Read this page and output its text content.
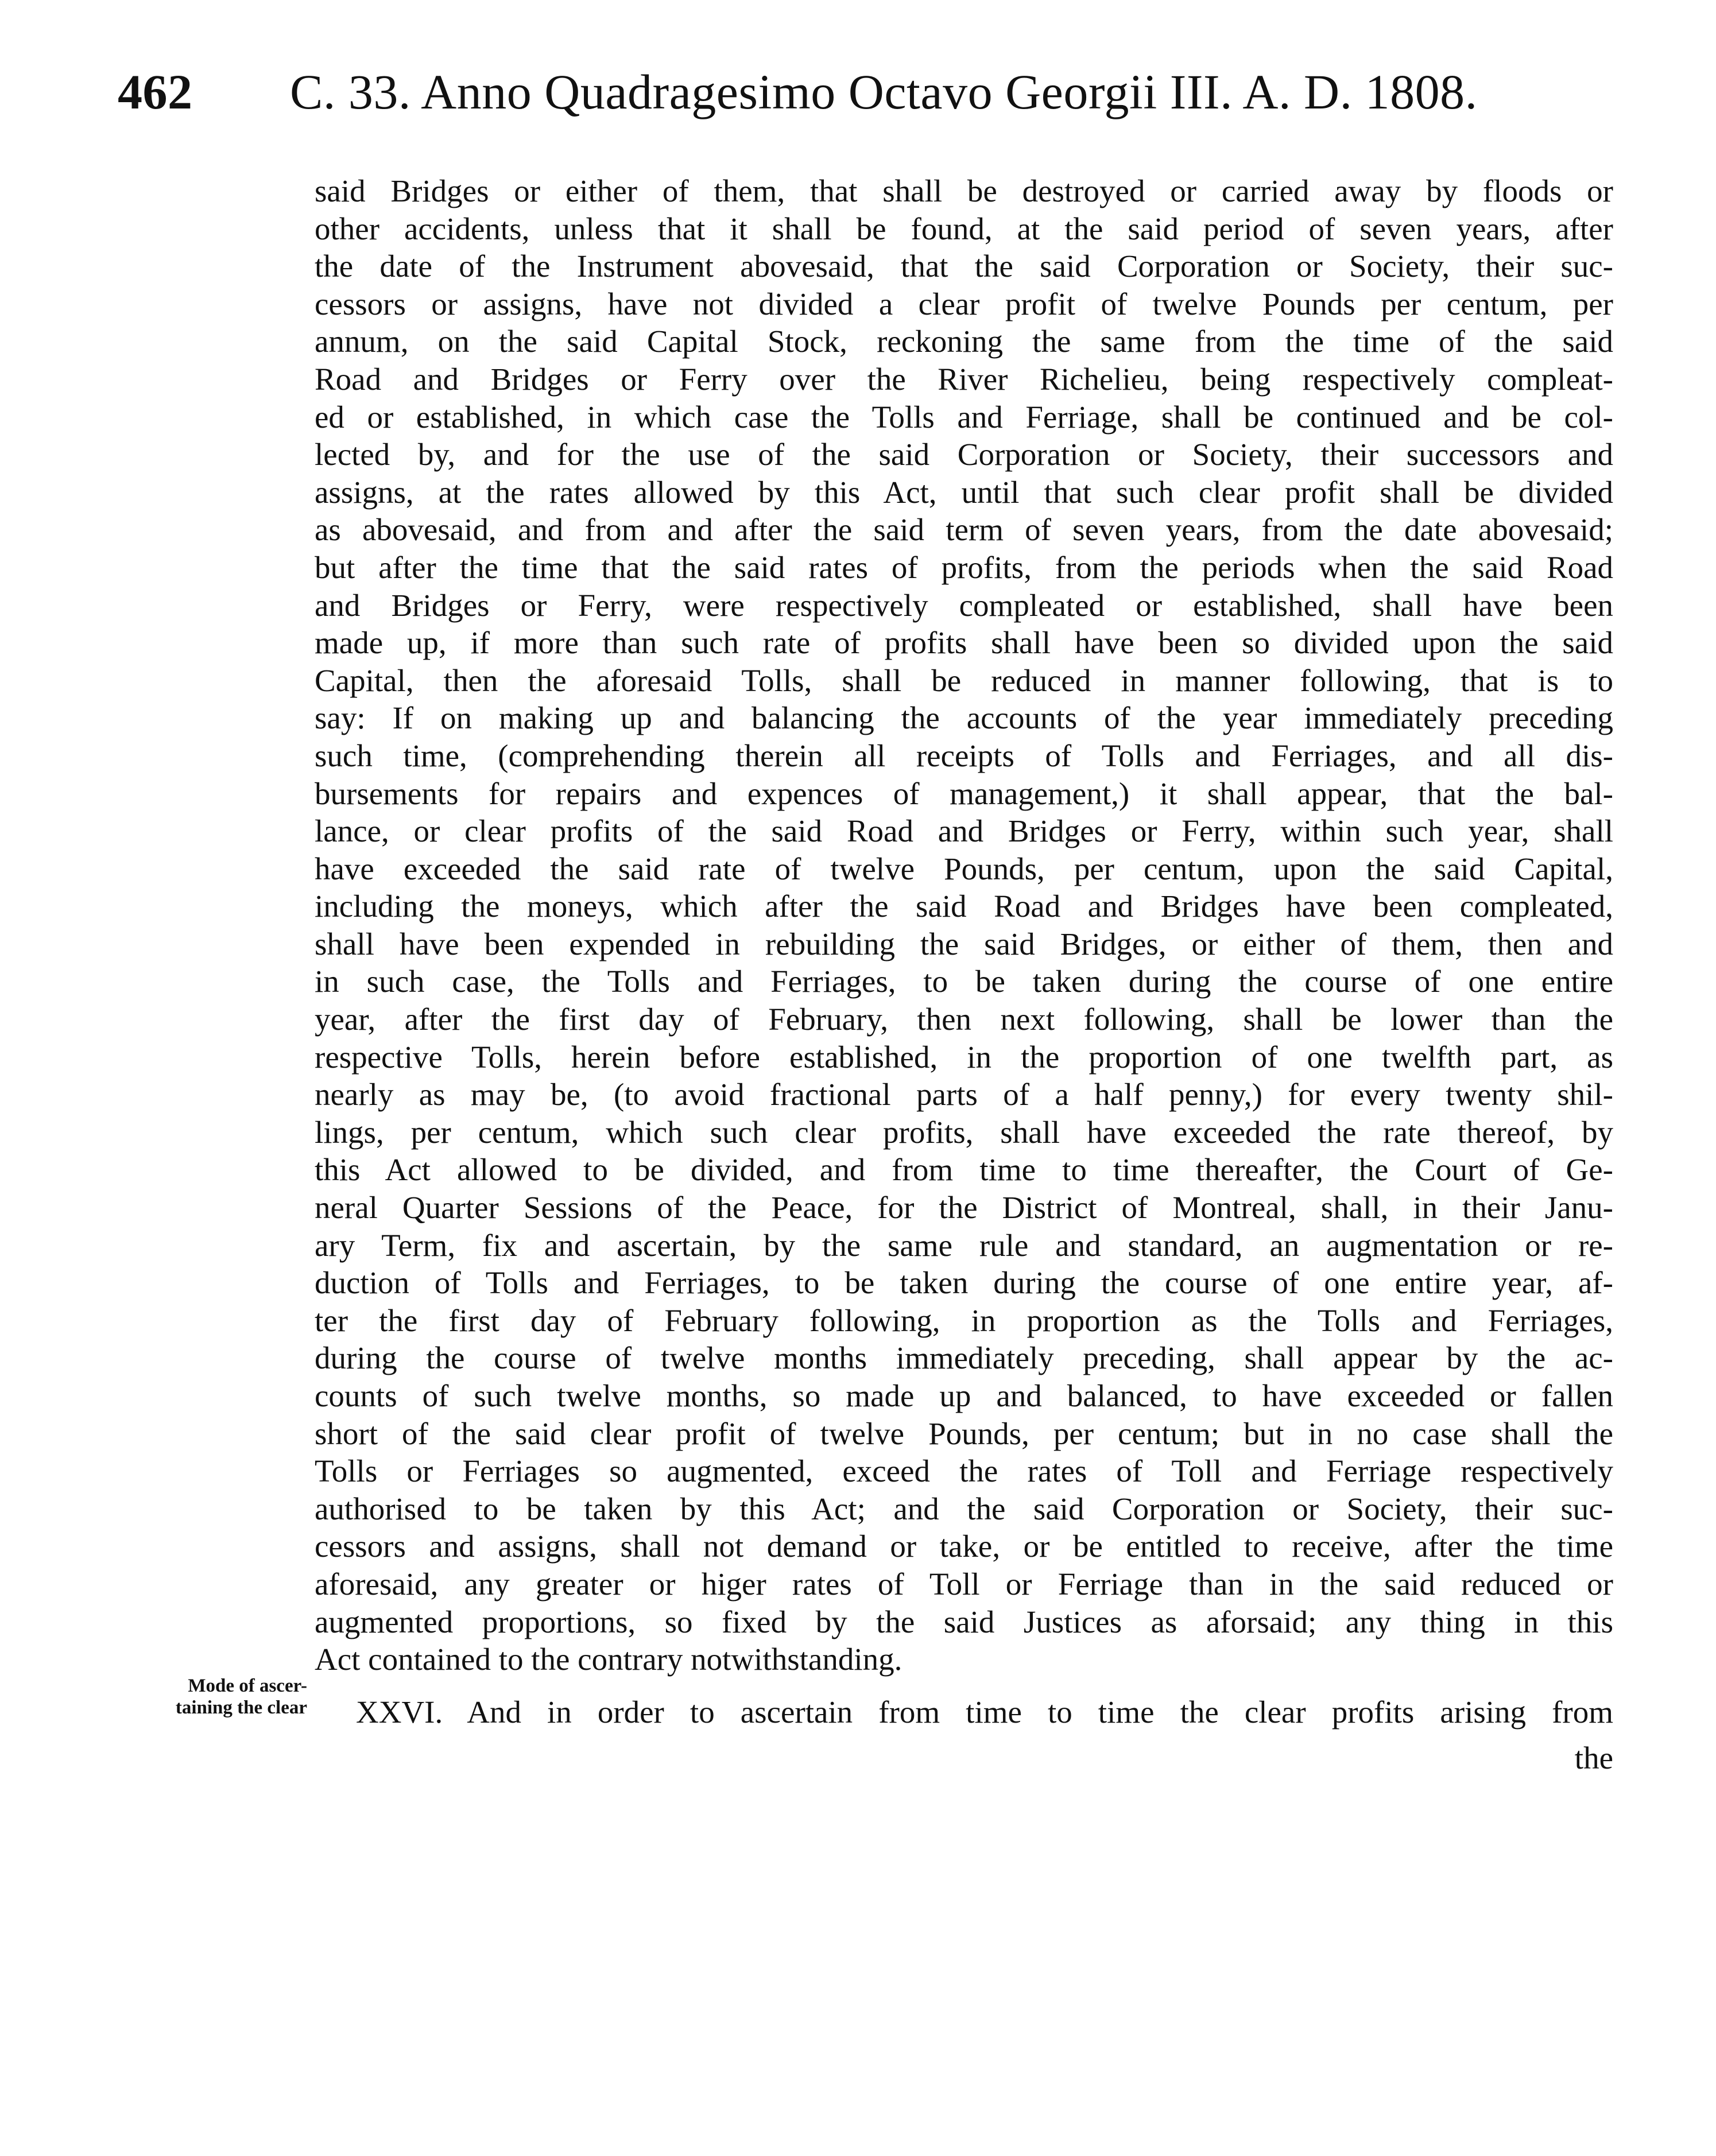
462	C. 33. Anno Quadragesimo Octavo Georgii III. A. D. 1808.
said Bridges or either of them, that shall be destroyed or carried away by floods or
other accidents, unless that it shall be found, at the said period of seven years, after
the date of the Instrument abovesaid, that the said Corporation or Society, their suc-
cessors or assigns, have not divided a clear profit of twelve Pounds per centum, per
annum, on the said Capital Stock, reckoning the same from the time of the said
Road and Bridges or Ferry over the River Richelieu, being respectively compleat-
ed or established, in which case the Tolls and Ferriage, shall be continued and be col-
lected by, and for the use of the said Corporation or Society, their successors and
assigns, at the rates allowed by this Act, until that such clear profit shall be divided
as abovesaid, and from and after the said term of seven years, from the date abovesaid;
but after the time that the said rates of profits, from the periods when the said Road
and Bridges or Ferry, were respectively compleated or established, shall have been
made up, if more than such rate of profits shall have been so divided upon the said
Capital, then the aforesaid Tolls, shall be reduced in manner following, that is to
say: If on making up and balancing the accounts of the year immediately preceding
such time, (comprehending therein all receipts of Tolls and Ferriages, and all dis-
bursements for repairs and expences of management,) it shall appear, that the bal-
lance, or clear profits of the said Road and Bridges or Ferry, within such year, shall
have exceeded the said rate of twelve Pounds, per centum, upon the said Capital,
including the moneys, which after the said Road and Bridges have been compleated,
shall have been expended in rebuilding the said Bridges, or either of them, then and
in such case, the Tolls and Ferriages, to be taken during the course of one entire
year, after the first day of February, then next following, shall be lower than the
respective Tolls, herein before established, in the proportion of one twelfth part, as
nearly as may be, (to avoid fractional parts of a half penny,) for every twenty shil-
lings, per centum, which such clear profits, shall have exceeded the rate thereof, by
this Act allowed to be divided, and from time to time thereafter, the Court of Ge-
neral Quarter Sessions of the Peace, for the District of Montreal, shall, in their Janu-
ary Term, fix and ascertain, by the same rule and standard, an augmentation or re-
duction of Tolls and Ferriages, to be taken during the course of one entire year, af-
ter the first day of February following, in proportion as the Tolls and Ferriages,
during the course of twelve months immediately preceding, shall appear by the ac-
counts of such twelve months, so made up and balanced, to have exceeded or fallen
short of the said clear profit of twelve Pounds, per centum; but in no case shall the
Tolls or Ferriages so augmented, exceed the rates of Toll and Ferriage respectively
authorised to be taken by this Act; and the said Corporation or Society, their suc-
cessors and assigns, shall not demand or take, or be entitled to receive, after the time
aforesaid, any greater or higer rates of Toll or Ferriage than in the said reduced or
augmented proportions, so fixed by the said Justices as aforsaid; any thing in this
Act contained to the contrary notwithstanding.
Mode of ascer-
taining the clear XXVI. And in order to ascertain from time to time the clear profits arising from
the
